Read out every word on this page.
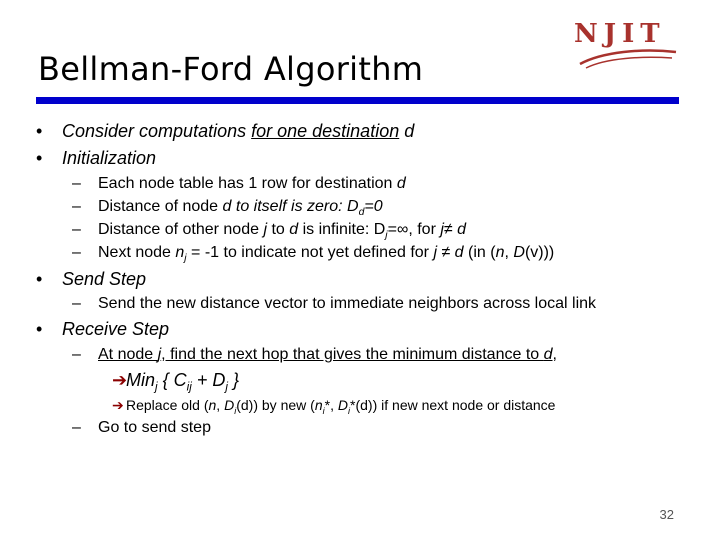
NJIT
Bellman-Ford Algorithm
• Consider computations for one destination d
• Initialization
– Each node table has 1 row for destination d
– Distance of node d to itself is zero: $D_d=0$
– Distance of other node j to d is infinite: $D_j=\infty$, for j≠ d
– Next node $n_j = -1$ to indicate not yet defined for j ≠ d (in (n, D(v)))
• Send Step
– Send the new distance vector to immediate neighbors across local link
• Receive Step
– At node j, find the next hop that gives the minimum distance to d,
➔Min$_j$ { $C_{ij} + D_j$ }
➔ Replace old (n, $D_i(d)$) by new ($n_i*$, $D_i*(d)$) if new next node or distance
– Go to send step
32
